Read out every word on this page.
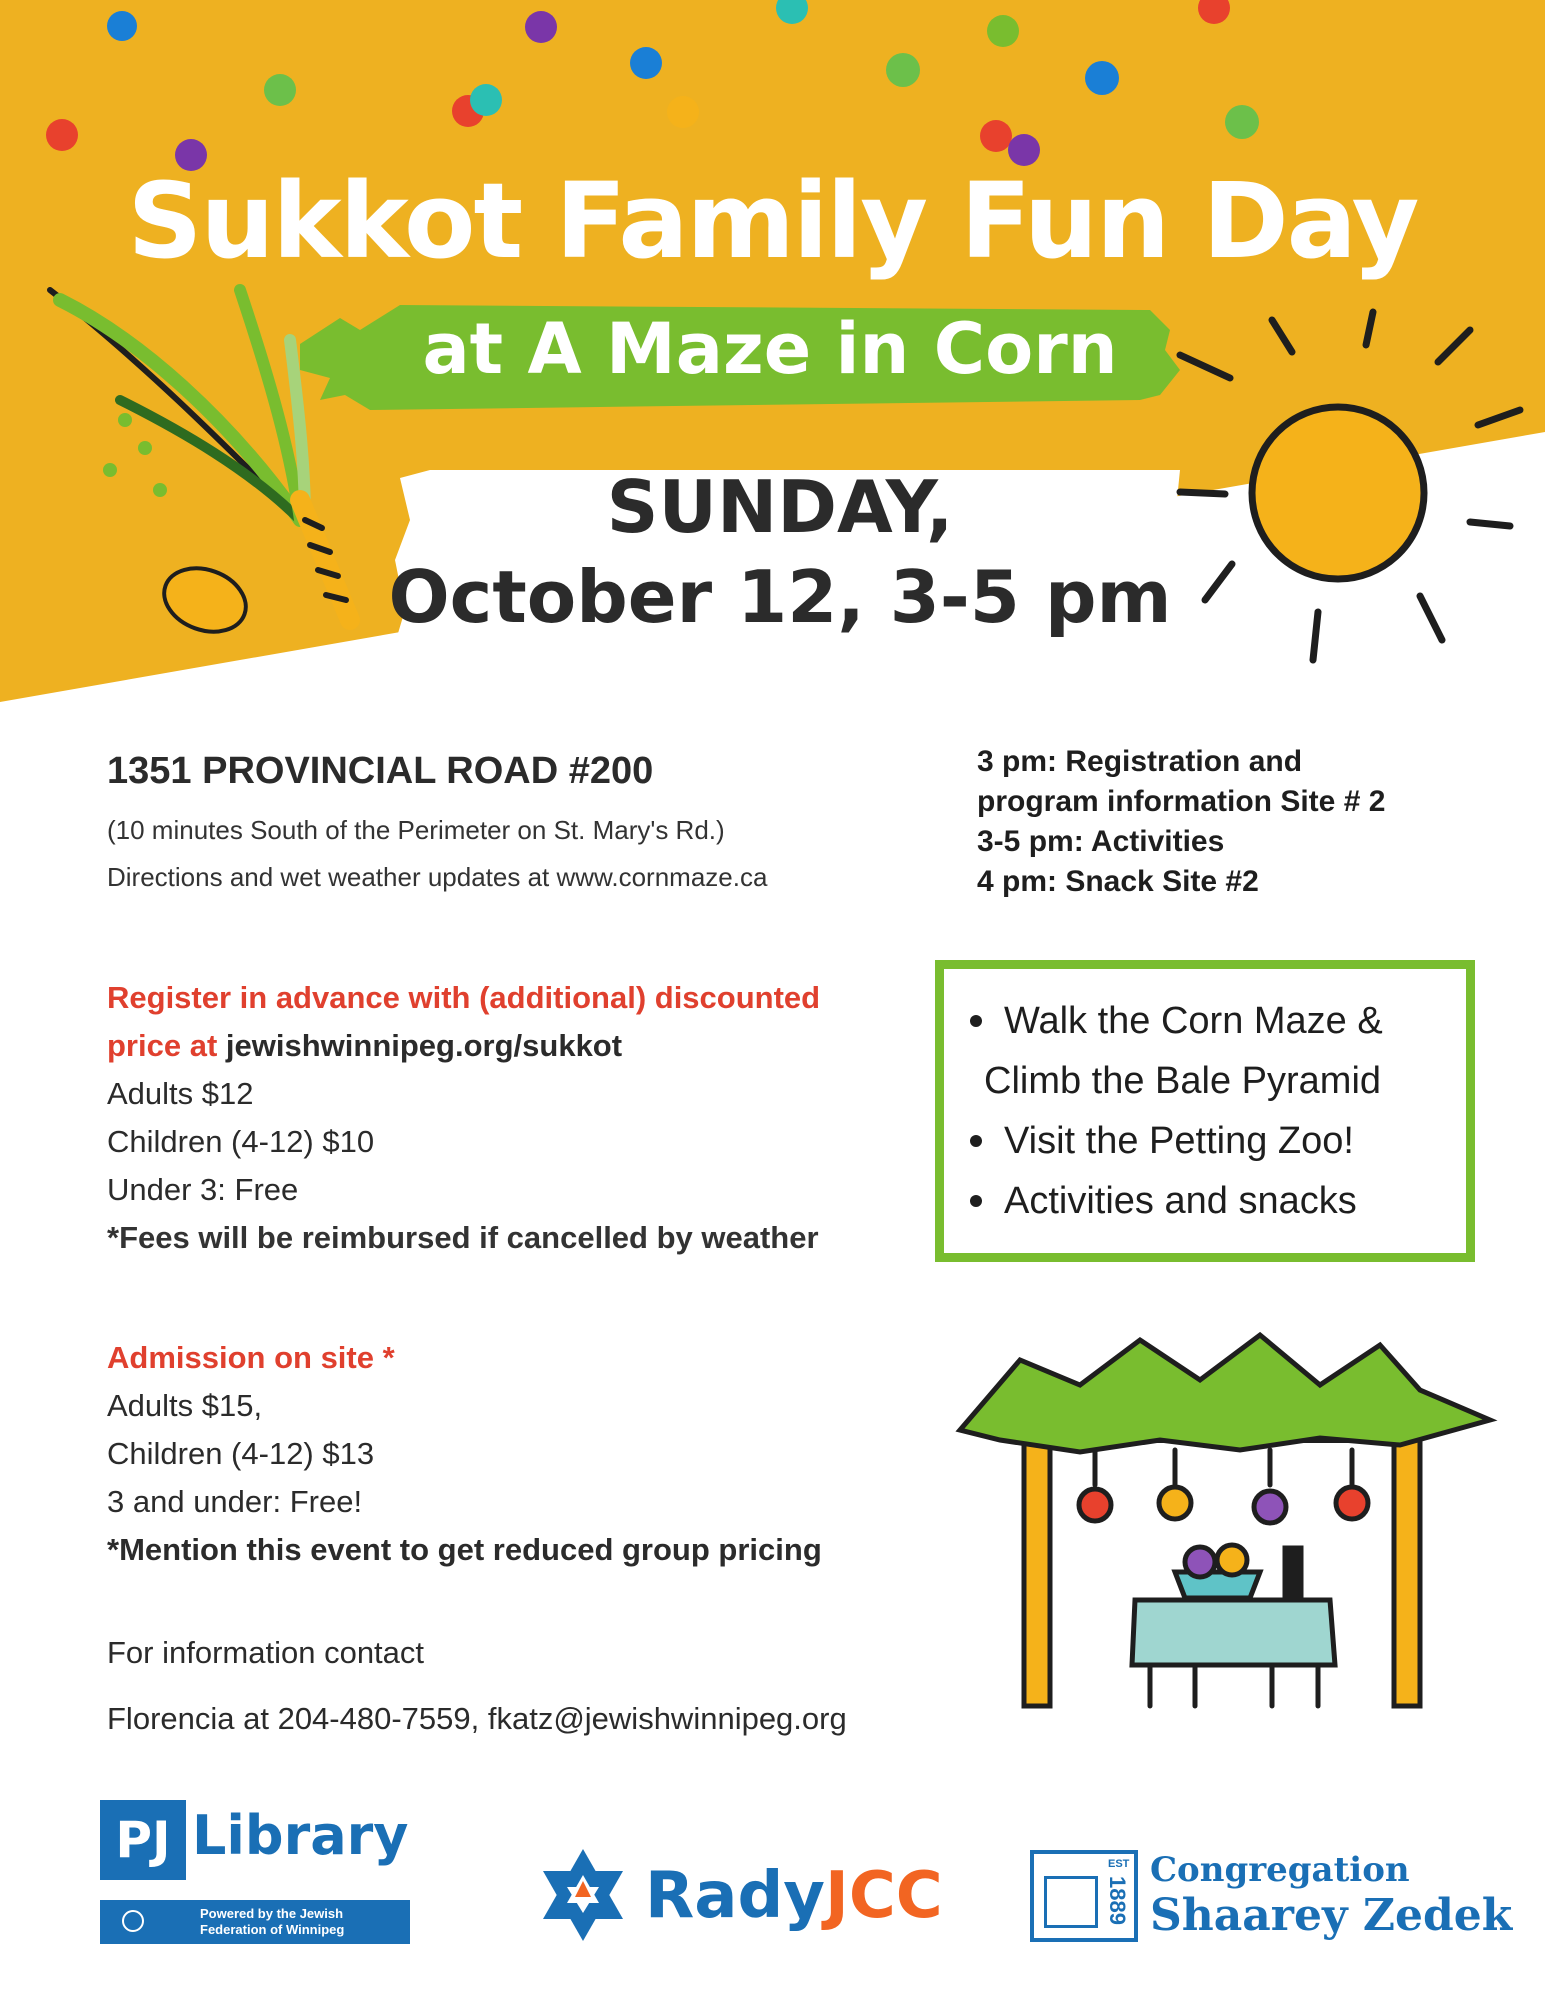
Sukkot Family Fun Day
at A Maze in Corn
SUNDAY,
October 12, 3-5 pm
1351 PROVINCIAL ROAD #200
(10 minutes South of the Perimeter on St. Mary's Rd.)
Directions and wet weather updates at www.cornmaze.ca
3 pm: Registration and
program information Site # 2
3-5 pm: Activities
4 pm: Snack Site #2
Register in advance with (additional) discounted
price at jewishwinnipeg.org/sukkot
Adults $12
Children (4-12) $10
Under 3: Free
*Fees will be reimbursed if cancelled by weather
Admission on site *
Adults $15,
Children (4-12) $13
3 and under: Free!
*Mention this event to get reduced group pricing
For information contact
Florencia at 204-480-7559, fkatz@jewishwinnipeg.org
Walk the Corn Maze &
Climb the Bale Pyramid
Visit the Petting Zoo!
Activities and snacks
PJ Library
Powered by the Jewish
Federation of Winnipeg	RadyJCC	EST
1889
Congregation
Shaarey Zedek
